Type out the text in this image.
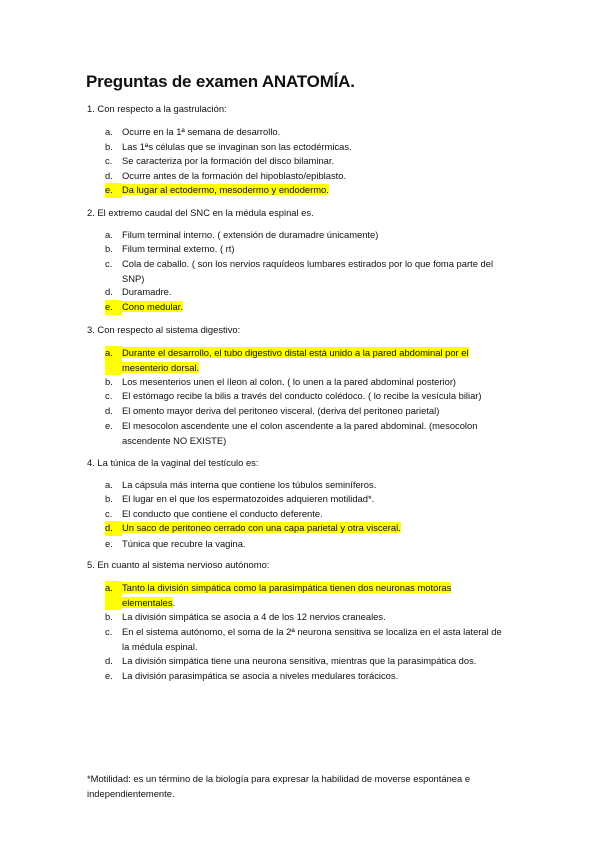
Preguntas de examen ANATOMÍA.
1. Con respecto a la gastrulación:
a. Ocurre en la 1ª semana de desarrollo.
b. Las 1ªs células que se invaginan son las ectodérmicas.
c.	Se caracteriza por la formación del disco bilaminar.
d. Ocurre antes de la formación del hipoblasto/epiblasto.
e. Da lugar al ectodermo, mesodermo y endodermo.
2. El extremo caudal del SNC en la médula espinal es.
a. Filum terminal interno. ( extensión de duramadre únicamente)
b. Filum terminal externo. ( rt)
c.	Cola de caballo. ( son los nervios raquídeos lumbares estirados por lo que foma parte del SNP)
d. Duramadre.
e. Cono medular.
3. Con respecto al sistema digestivo:
a. Durante el desarrollo, el tubo digestivo distal está unido a la pared abdominal por el mesenterio dorsal.
b. Los mesenterios unen el íleon al colon. ( lo unen a la pared abdominal posterior)
c.	El estómago recibe la bilis a través del conducto colédoco. ( lo recibe la vesícula biliar)
d. El omento mayor deriva del peritoneo visceral. (deriva del peritoneo parietal)
e. El mesocolon ascendente une el colon ascendente a la pared abdominal. (mesocolon ascendente NO EXISTE)
4. La túnica de la vaginal del testículo es:
a. La cápsula más interna que contiene los túbulos seminíferos.
b. El lugar en el que los espermatozoides adquieren motilidad*.
c.	El conducto que contiene el conducto deferente.
d. Un saco de peritoneo cerrado con una capa parietal y otra visceral.
e. Túnica que recubre la vagina.
5. En cuanto al sistema nervioso autónomo:
a. Tanto la división simpática como la parasimpática tienen dos neuronas motoras elementales.
b. La división simpática se asocia a 4 de los 12 nervios craneales.
c.	En el sistema autónomo, el soma de la 2ª neurona sensitiva se localiza en el asta lateral de la médula espinal.
d. La división simpática tiene una neurona sensitiva, mientras que la parasimpática dos.
e. La división parasimpática se asocia a niveles medulares torácicos.
*Motilidad: es un término de la biología para expresar la habilidad de moverse espontánea e independientemente.
